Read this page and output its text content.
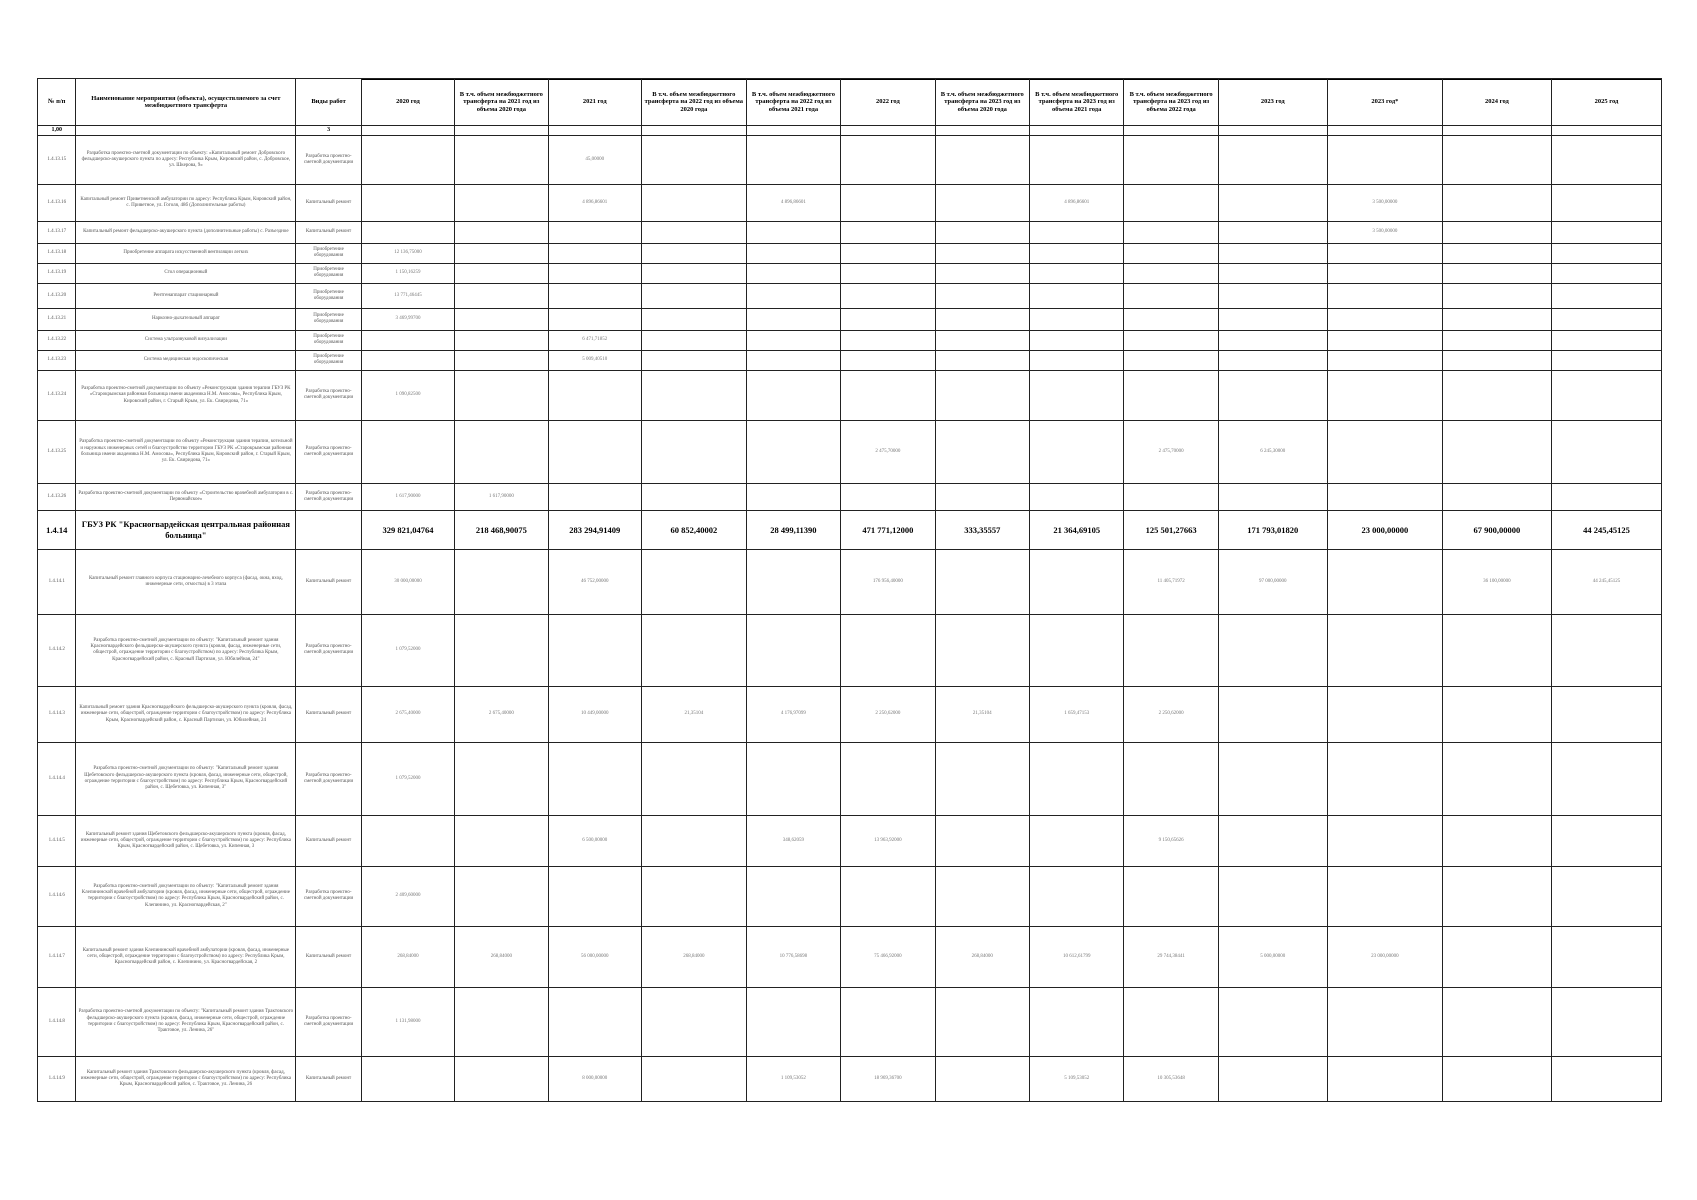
№ п/п	Наименование мероприятия (объекта), осуществляемого за счет межбюджетного трансферта	Виды работ	2020 год	В т.ч. объем межбюджетного трансферта на 2021 год из объема 2020 года	2021 год	В т.ч. объем межбюджетного трансферта на 2022 год из объема 2020 года	В т.ч. объем межбюджетного трансферта на 2022 год из объема 2021 года	2022 год	В т.ч. объем межбюджетного трансферта на 2023 год из объема 2020 года	В т.ч. объем межбюджетного трансферта на 2023 год из объема 2021 года	В т.ч. объем межбюджетного трансферта на 2023 год из объема 2022 года	2023 год	2023 год*	2024 год	2025 год
1,00		3													
1.4.13.15	Разработка проектно-сметной документации по объекту: «Капитальный ремонт Добровского фельдшерско-акушерского пункта по адресу: Республика Крым, Кировский район, с. Добровское, ул. Шкерова, 9»	Разработка проектно-сметной документации			45,00000										
1.4.13.16	Капитальный ремонт Приветненской амбулатории по адресу: Республика Крым, Кировский район, с. Приветное, ул. Гоголя, 48б (Дополнительные работы)	Капитальный ремонт			4 896,86601		4 896,86601			4 896,86601			3 500,00000		
1.4.13.17	Капитальный ремонт фельдшерско-акушерского пункта (дополнительные работы) с. Разъездное	Капитальный ремонт											3 500,00000		
1.4.13.18	Приобретение аппарата искусственной вентиляции легких	Приобретение оборудования	12 136,75000												
1.4.13.19	Стол операционный	Приобретение оборудования	1 150,16259												
1.4.13.20	Рентгенаппарат стационарный	Приобретение оборудования	13 771,46445												
1.4.13.21	Наркозно-дыхательный аппарат	Приобретение оборудования	3 469,99700												
1.4.13.22	Система ультразвуковой визуализации	Приобретение оборудования			6 471,71852										
1.4.13.23	Система медицинская эндоскопическая	Приобретение оборудования			5 009,40510										
1.4.13.24	Разработка проектно-сметной документации по объекту «Реконструкция здания терапии ГБУЗ РК «Старокрымская районная больница имени академика Н.М. Амосова», Республика Крым, Кировский район, г. Старый Крым, ул. Ек. Свиридова, 71»	Разработка проектно-сметной документации	1 090,82500												
1.4.13.25	Разработка проектно-сметной документации по объекту «Реконструкция здания терапии, котельной и наружных инженерных сетей и благоустройство территории ГБУЗ РК «Старокрымская районная больница имени академика Н.М. Амосова», Республика Крым, Кировский район, г. Старый Крым, ул. Ек. Свиридова, 71»	Разработка проектно-сметной документации						2 475,70000			2 475,70000	6 245,30000			
1.4.13.26	Разработка проектно-сметной документации по объекту «Строительство врачебной амбулатории в с. Первомайское»	Разработка проектно-сметной документации	1 617,90000	1 617,90000											
1.4.14	ГБУЗ РК "Красногвардейская центральная районная больница"		329 821,04764	218 468,90075	283 294,91409	60 852,40002	28 499,11390	471 771,12000	333,35557	21 364,69105	125 501,27663	171 793,01820	23 000,00000	67 900,00000	44 245,45125
1.4.14.1	Капитальный ремонт главного корпуса стационарно-лечебного корпуса (фасад, окна, вход, инженерные сети, отмостка) в 3 этапа	Капитальный ремонт	30 000,00000		46 752,00000			176 956,40000			11 405,71972	97 000,00000		36 100,00000	44 245,45125
1.4.14.2	Разработка проектно-сметной документации по объекту: "Капитальный ремонт здания Красногвардейского фельдшерско-акушерского пункта (кровля, фасад, инженерные сети, общестрой, ограждение территории с благоустройством) по адресу: Республика Крым, Красногвардейский район, с. Красный Партизан, ул. Юбилейная, 24"	Разработка проектно-сметной документации	1 079,52000												
1.4.14.3	Капитальный ремонт здания Красногвардейского фельдшерско-акушерского пункта (кровля, фасад, инженерные сети, общестрой, ограждение территории с благоустройством) по адресу: Республика Крым, Красногвардейский район, с. Красный Партизан, ул. Юбилейная, 24	Капитальный ремонт	2 675,40000	2 675,40000	10 449,00000	21,35104	4 176,97099	2 250,62000	21,35104	1 659,47153	2 250,62000				
1.4.14.4	Разработка проектно-сметной документации по объекту: "Капитальный ремонт здания Щебетовского фельдшерско-акушерского пункта (кровля, фасад, инженерные сети, общестрой, ограждение территории с благоустройством) по адресу: Республика Крым, Красногвардейский район, с. Щебетовка, ул. Кипенная, 3"	Разработка проектно-сметной документации	1 079,52000												
1.4.14.5	Капитальный ремонт здания Щебетовского фельдшерско-акушерского пункта (кровля, фасад, инженерные сети, общестрой, ограждение территории с благоустройством) по адресу: Республика Крым, Красногвардейский район, с. Щебетовка, ул. Кипенная, 3	Капитальный ремонт			6 500,00000		348,62059	13 963,92000			9 150,65626				
1.4.14.6	Разработка проектно-сметной документации по объекту: "Капитальный ремонт здания Клепининской врачебной амбулатории (кровля, фасад, инженерные сети, общестрой, ограждение территории с благоустройством) по адресу: Республика Крым, Красногвардейский район, с. Клепинино, ул. Красногвардейская, 2"	Разработка проектно-сметной документации	2 409,60000												
1.4.14.7	Капитальный ремонт здания Клепининской врачебной амбулатории (кровля, фасад, инженерные сети, общестрой, ограждение территории с благоустройством) по адресу: Республика Крым, Красногвардейский район, с. Клепинино, ул. Красногвардейская, 2	Капитальный ремонт	268,84000	268,84000	56 000,00000	268,84000	10 776,58698	75 466,92000	268,84000	10 612,61799	29 744,38441	5 000,00000	23 000,00000		
1.4.14.8	Разработка проектно-сметной документации по объекту: "Капитальный ремонт здания Трактовского фельдшерско-акушерского пункта (кровля, фасад, инженерные сети, общестрой, ограждение территории с благоустройством) по адресу: Республика Крым, Красногвардейский район, с. Трактовое, ул. Ленина, 26"	Разработка проектно-сметной документации	1 131,98000												
1.4.14.9	Капитальный ремонт здания Трактовского фельдшерско-акушерского пункта (кровля, фасад, инженерные сети, общестрой, ограждение территории с благоустройством) по адресу: Республика Крым, Красногвардейский район, с. Трактовое, ул. Ленина, 26	Капитальный ремонт			8 000,00000		1 109,53052	18 969,36700		5 109,53052	10 305,53648				
